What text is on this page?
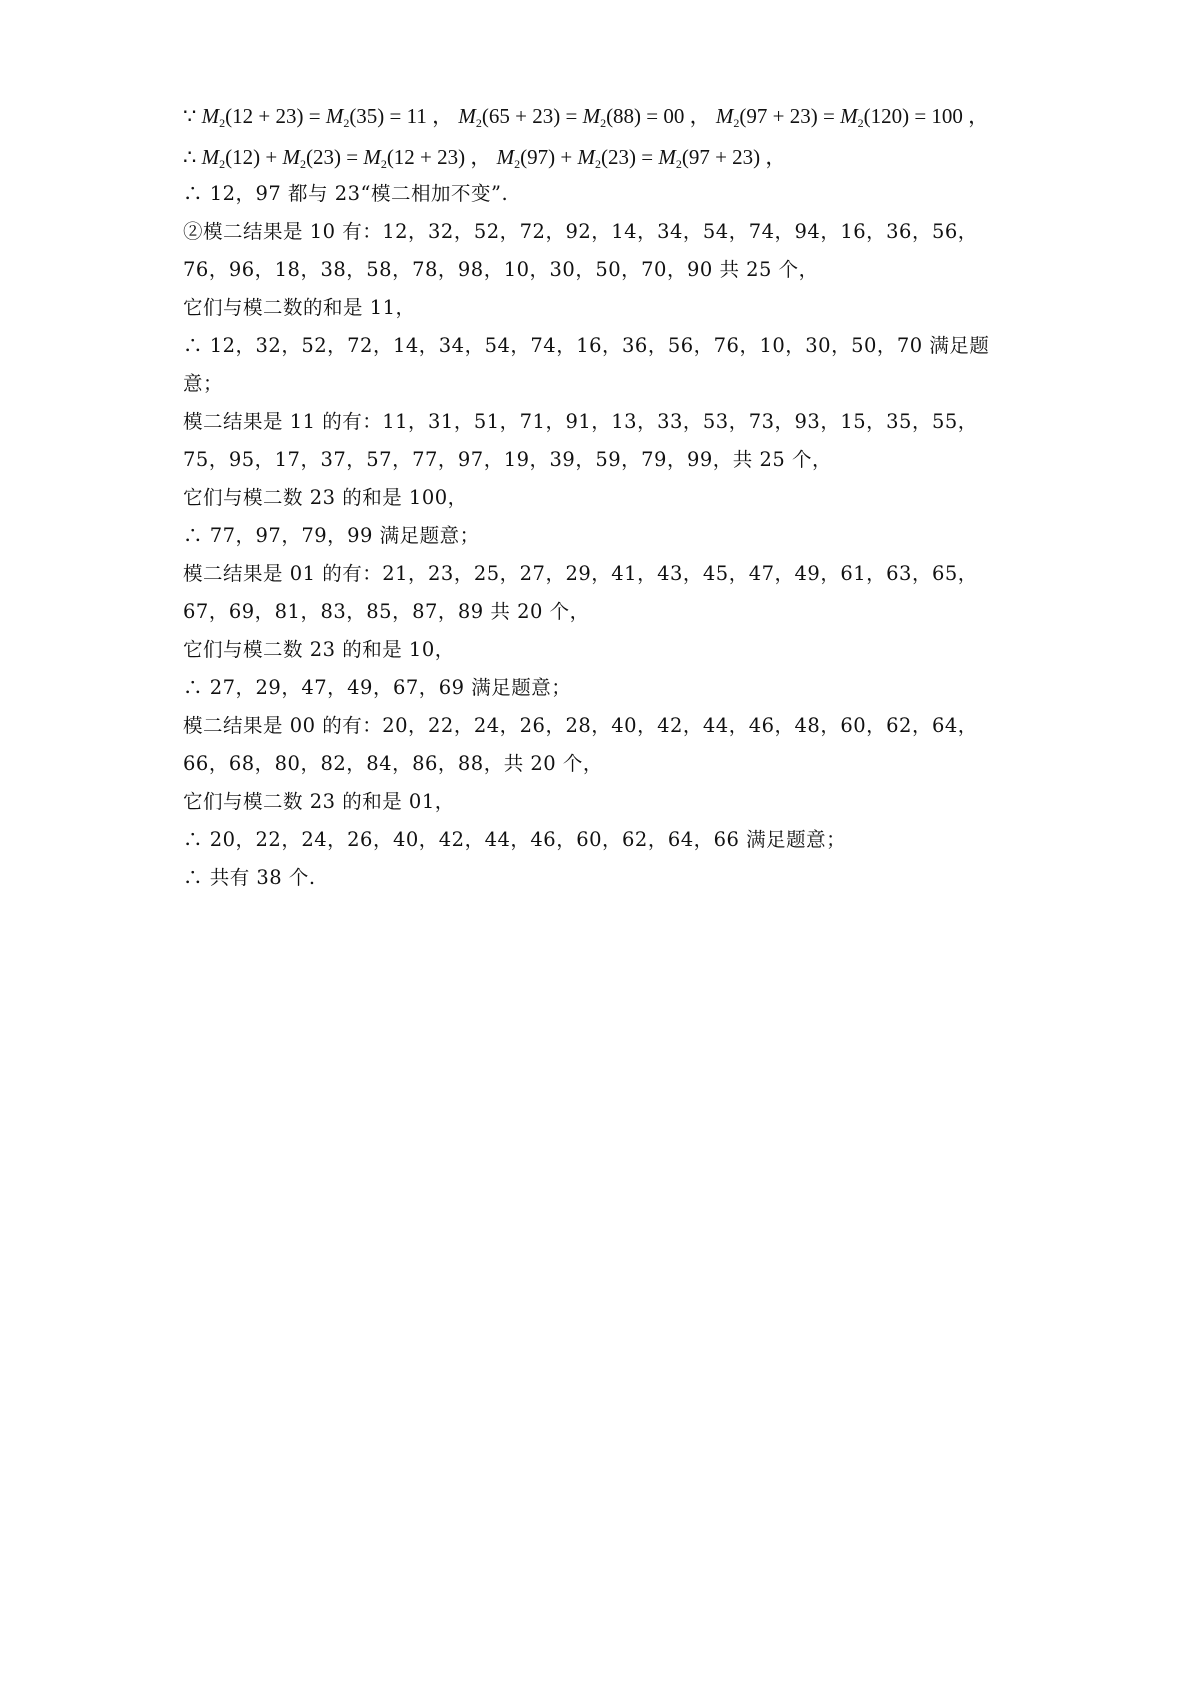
∵ $M_2(12 + 23) = M_2(35) = 11$ ， $M_2(65 + 23) = M_2(88) = 00$ ， $M_2(97 + 23) = M_2(120) = 100$ ，
∴ $M_2(12) + M_2(23) = M_2(12 + 23)$ ， $M_2(97) + M_2(23) = M_2(97 + 23)$ ，
∴ 12，97 都与 23“模二相加不变”.
②模二结果是 10 有：12，32，52，72，92，14，34，54，74，94，16，36，56，
76，96，18，38，58，78，98，10，30，50，70，90 共 25 个，
它们与模二数的和是 11，
∴ 12，32，52，72，14，34，54，74，16，36，56，76，10，30，50，70 满足题
意；
模二结果是 11 的有：11，31，51，71，91，13，33，53，73，93，15，35，55，
75，95，17，37，57，77，97，19，39，59，79，99，共 25 个，
它们与模二数 23 的和是 100，
∴ 77，97，79，99 满足题意；
模二结果是 01 的有：21，23，25，27，29，41，43，45，47，49，61，63，65，
67，69，81，83，85，87，89 共 20 个，
它们与模二数 23 的和是 10，
∴ 27，29，47，49，67，69 满足题意；
模二结果是 00 的有：20，22，24，26，28，40，42，44，46，48，60，62，64，
66，68，80，82，84，86，88，共 20 个，
它们与模二数 23 的和是 01，
∴ 20，22，24，26，40，42，44，46，60，62，64，66 满足题意；
∴ 共有 38 个.
